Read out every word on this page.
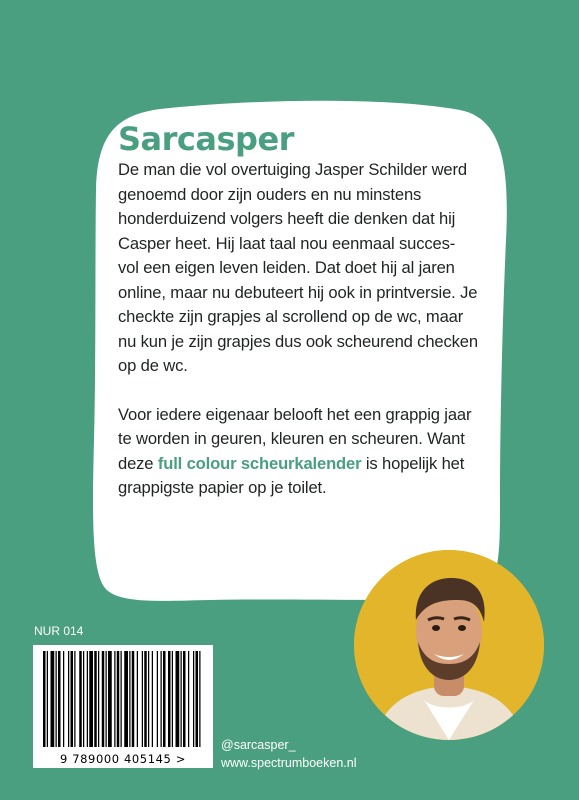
Sarcasper

De man die vol overtuiging Jasper Schilder werd genoemd door zijn ouders en nu minstens honderduizend volgers heeft die denken dat hij Casper heet. Hij laat taal nou eenmaal succes- vol een eigen leven leiden. Dat doet hij al jaren online, maar nu debuteert hij ook in printversie. Je checkte zijn grapjes al scrollend op de wc, maar nu kun je zijn grapjes dus ook scheurend checken op de wc.

Voor iedere eigenaar belooft het een grappig jaar te worden in geuren, kleuren en scheuren. Want deze full colour scheurkalender is hopelijk het grappigste papier op je toilet.

NUR 014
9 789000 405145 >
@sarcasper_
www.spectrumboeken.nl
